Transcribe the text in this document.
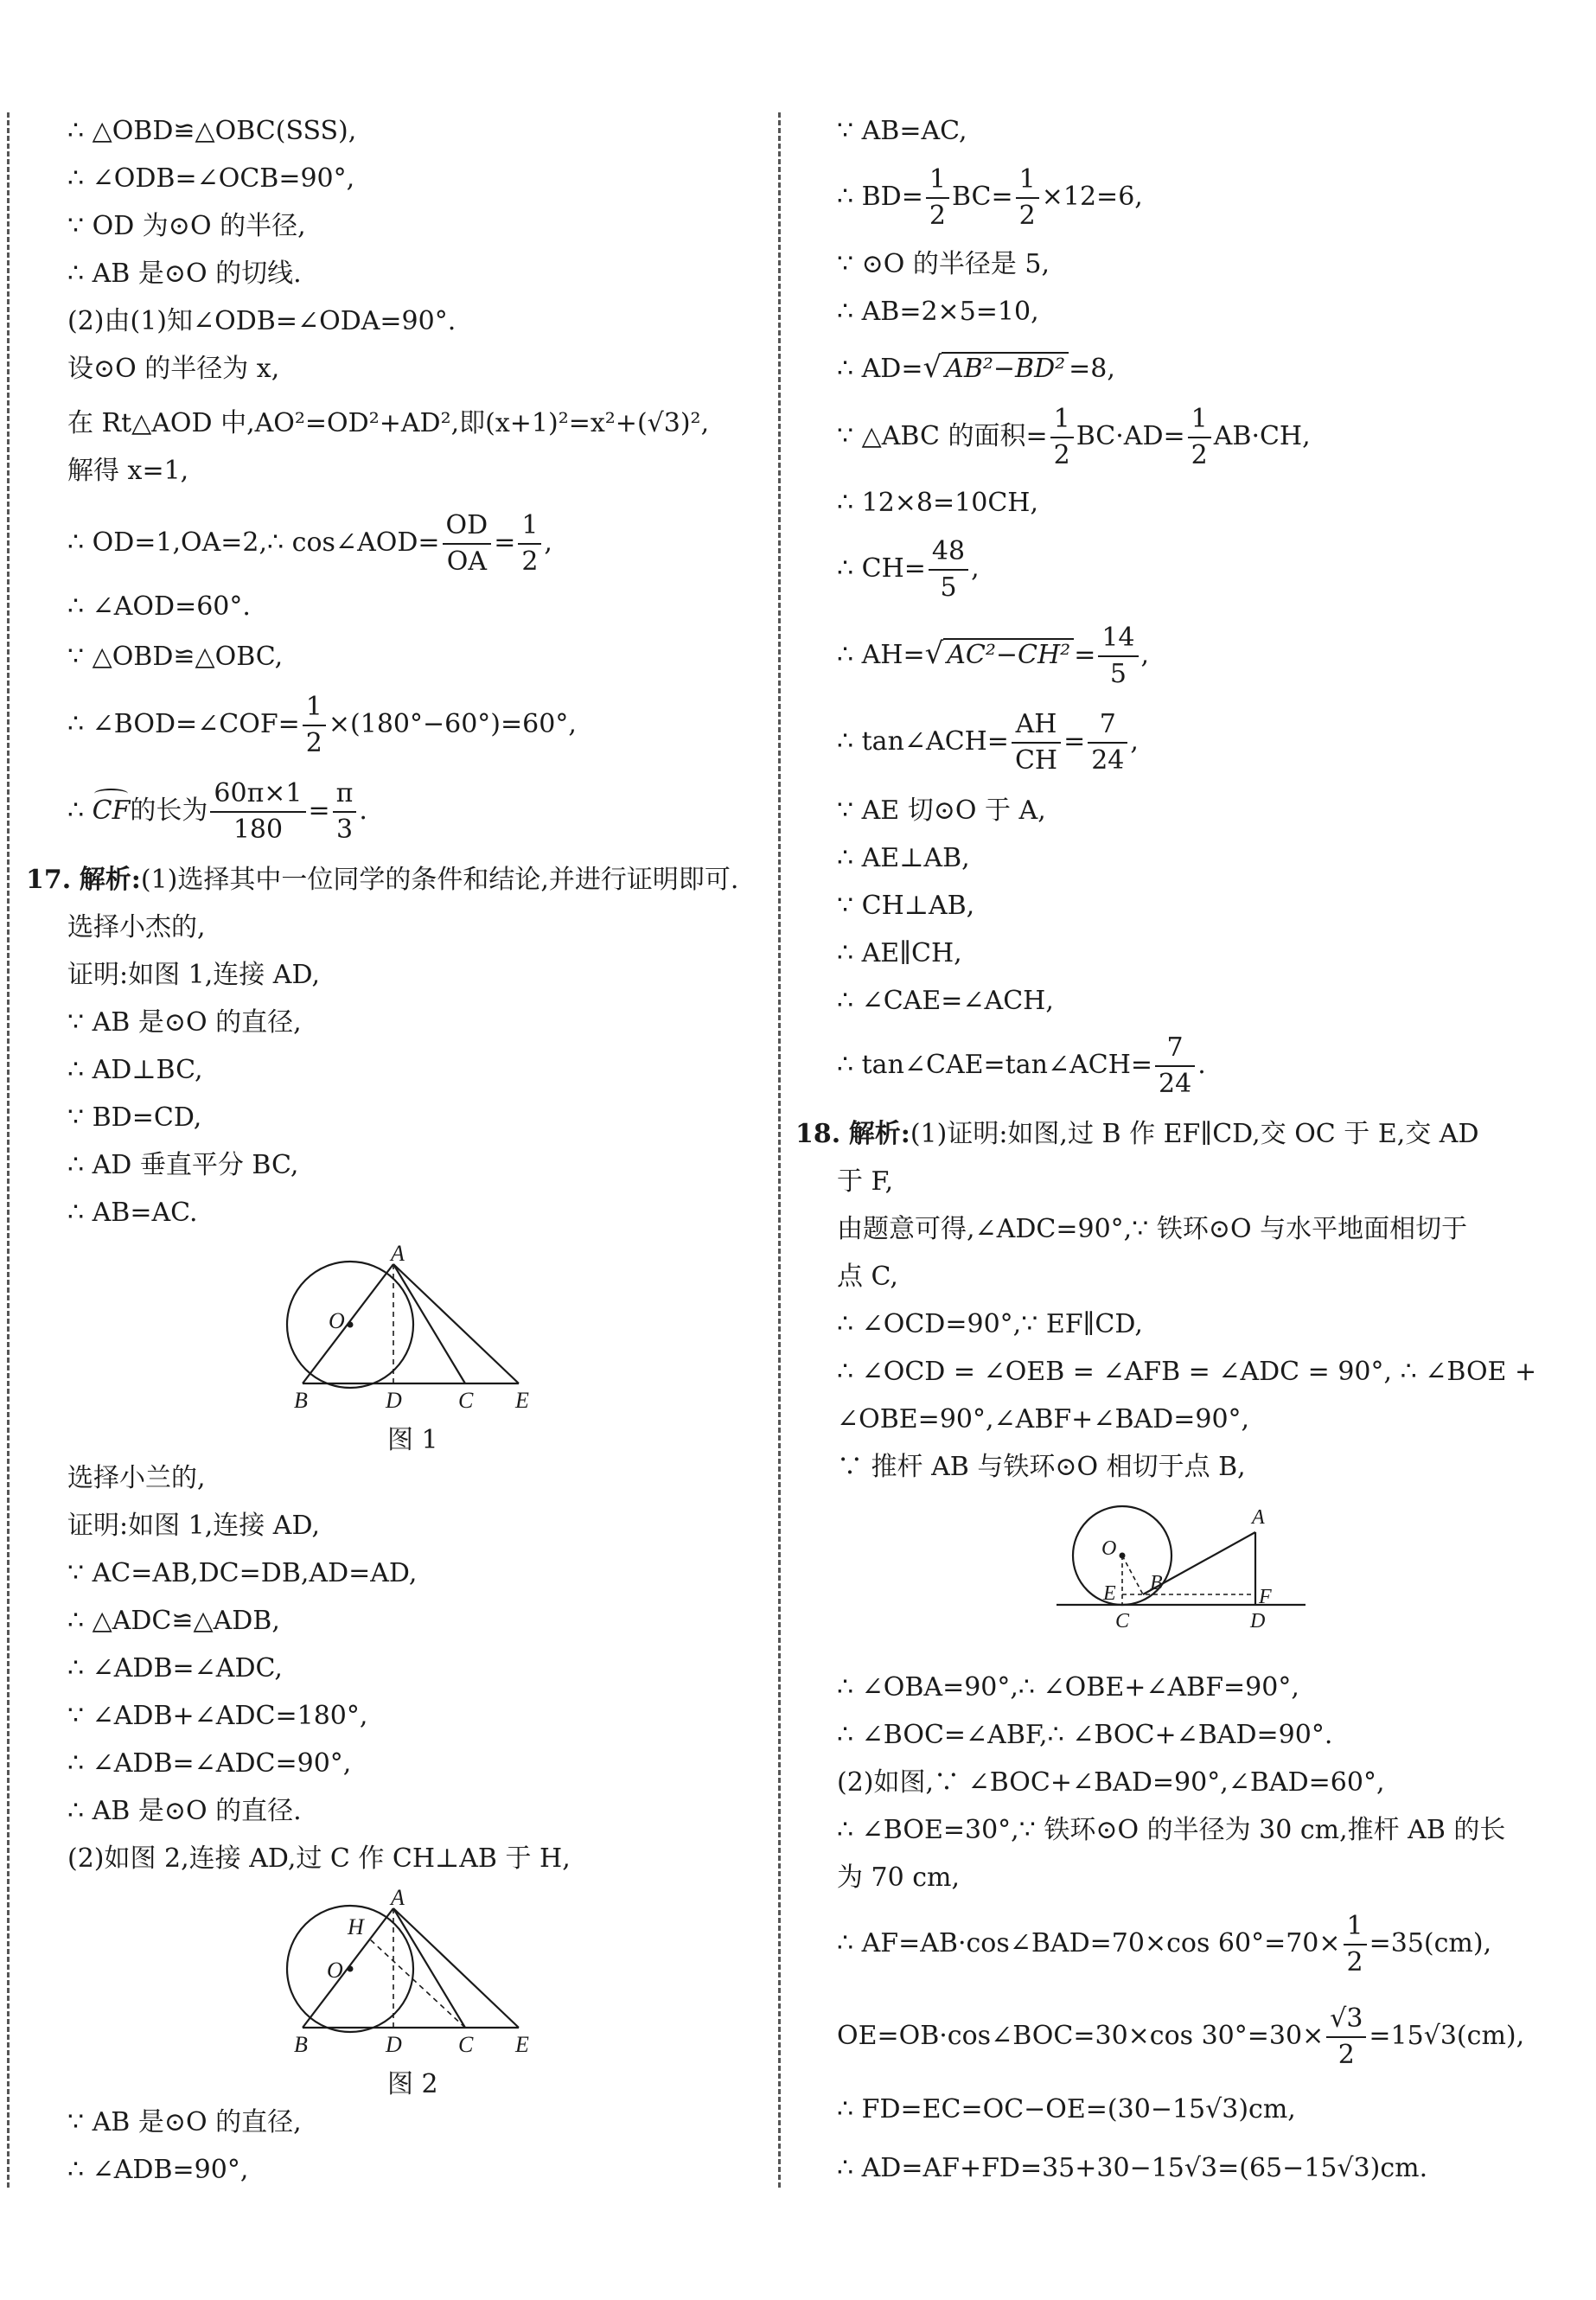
∴ △OBD≌△OBC(SSS),
∴ ∠ODB=∠OCB=90°,
∵ OD 为⊙O 的半径,
∴ AB 是⊙O 的切线.
(2)由(1)知∠ODB=∠ODA=90°.
设⊙O 的半径为 x,
在 Rt△AOD 中,AO²=OD²+AD²,即(x+1)²=x²+(√3)²,
解得 x=1,
∴ OD=1,OA=2,∴ cos∠AOD= $\frac{OD}{OA} = \frac{1}{2}$ ,
∴ ∠AOD=60°.
∵ △OBD≌△OBC,
∴ ∠BOD=∠COF= $\frac{1}{2} \times(180^\circ-60^\circ)=60^\circ$,
∴
CF的长为 $\frac{60\pi\times 1}{180} = \frac{\pi}{3}$ .
17. 解析:(1)选择其中一位同学的条件和结论,并进行证明即可.
选择小杰的,
证明:如图 1,连接 AD,
∵ AB 是⊙O 的直径,
∴ AD⊥BC,
∵ BD=CD,
∴ AD 垂直平分 BC,
∴ AB=AC.
A
O
B	D	C E
图 1
选择小兰的,
证明:如图 1,连接 AD,
∵ AC=AB,DC=DB,AD=AD,
∴ △ADC≌△ADB,
∴ ∠ADB=∠ADC,
∵ ∠ADB+∠ADC=180°,
∴ ∠ADB=∠ADC=90°,
∴ AB 是⊙O 的直径.
(2)如图 2,连接 AD,过 C 作 CH⊥AB 于 H,
A
H
O
B	D	C E
图 2
∵ AB 是⊙O 的直径,
∴ ∠ADB=90°,
∵ AB=AC,
∴ $BD= \frac{1}{2} BC= \frac{1}{2} \times 12=6$,
∵ ⊙O 的半径是 5,
∴ AB=2×5=10,
∴ AD=√ AB²−BD² =8,
∵ △ABC 的面积= $\frac{1}{2} BC\cdot AD= \frac{1}{2} AB\cdot CH$,
∴ 12×8=10CH,
∴ $CH= \frac{48}{5}$ ,
∴ AH=√ $AC^2-CH^2 = \frac{14}{5}$ ,
∴ tan∠ACH= $\frac{AH}{CH} = \frac{7}{24}$ ,
∵ AE 切⊙O 于 A,
∴ AE⊥AB,
∵ CH⊥AB,
∴ AE∥CH,
∴ ∠CAE=∠ACH,
∴ tan∠CAE=tan∠ACH= $\frac{7}{24}$ .
18. 解析:(1)证明:如图,过 B 作 EF∥CD,交 OC 于 E,交 AD
于 F,
由题意可得,∠ADC=90°,∵ 铁环⊙O 与水平地面相切于
点 C,
∴ ∠OCD=90°,∵ EF∥CD,
∴ ∠OCD = ∠OEB = ∠AFB = ∠ADC = 90°, ∴ ∠BOE +
∠OBE=90°,∠ABF+∠BAD=90°,
∵ 推杆 AB 与铁环⊙O 相切于点 B,
A
O
E B
F
C	D
∴ ∠OBA=90°,∴ ∠OBE+∠ABF=90°,
∴ ∠BOC=∠ABF,∴ ∠BOC+∠BAD=90°.
(2)如图,∵ ∠BOC+∠BAD=90°,∠BAD=60°,
∴ ∠BOE=30°,∵ 铁环⊙O 的半径为 30 cm,推杆 AB 的长
为 70 cm,
∴ AF=AB·cos∠BAD=70×cos $60^\circ=70\times \frac{1}{2} =35(cm)$,
OE=OB·cos∠BOC=30×cos $30^\circ=30\times \frac{√3}{2} =15√3(cm)$,
∴ FD=EC=OC−OE=(30−15√3)cm,
∴ AD=AF+FD=35+30−15√3=(65−15√3)cm.
